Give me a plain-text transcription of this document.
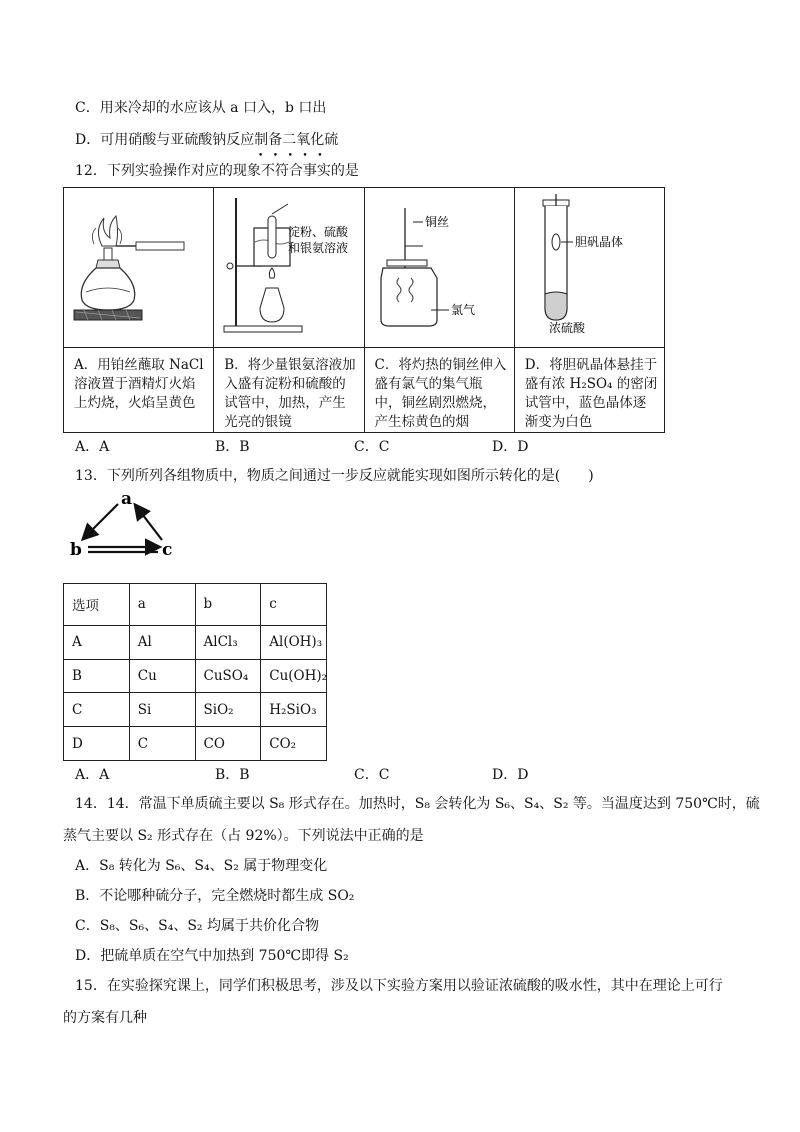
C．用来冷却的水应该从 a 口入，b 口出
D．可用硝酸与亚硫酸钠反应制备二氧化硫
12．下列实验操作对应的现象不符合事实的是
•••••

淀粉、硫酸
和银氨溶液	铜丝
氯气	胆矾晶体
浓硫酸

A．用铂丝蘸取 NaCl 溶液置于酒精灯火焰上灼烧，火焰呈黄色	B．将少量银氨溶液加入盛有淀粉和硫酸的试管中，加热，产生光亮的银镜	C．将灼热的铜丝伸入盛有氯气的集气瓶中，铜丝剧烈燃烧，产生棕黄色的烟	D．将胆矾晶体悬挂于盛有浓 H₂SO₄ 的密闭试管中，蓝色晶体逐渐变为白色
A．A	B．B	C．C	D．D
13．下列所列各组物质中，物质之间通过一步反应就能实现如图所示转化的是(　　)
a
b	c
选项	a	b	c
A	Al	AlCl₃	Al(OH)₃
B	Cu	CuSO₄	Cu(OH)₂
C	Si	SiO₂	H₂SiO₃
D	C	CO	CO₂
A．A	B．B	C．C	D．D
14．14．常温下单质硫主要以 S₈ 形式存在。加热时，S₈ 会转化为 S₆、S₄、S₂ 等。当温度达到 750℃时，硫
蒸气主要以 S₂ 形式存在（占 92%）。下列说法中正确的是
A．S₈ 转化为 S₆、S₄、S₂ 属于物理变化
B．不论哪种硫分子，完全燃烧时都生成 SO₂
C．S₈、S₆、S₄、S₂ 均属于共价化合物
D．把硫单质在空气中加热到 750℃即得 S₂
15．在实验探究课上，同学们积极思考，涉及以下实验方案用以验证浓硫酸的吸水性，其中在理论上可行
的方案有几种
